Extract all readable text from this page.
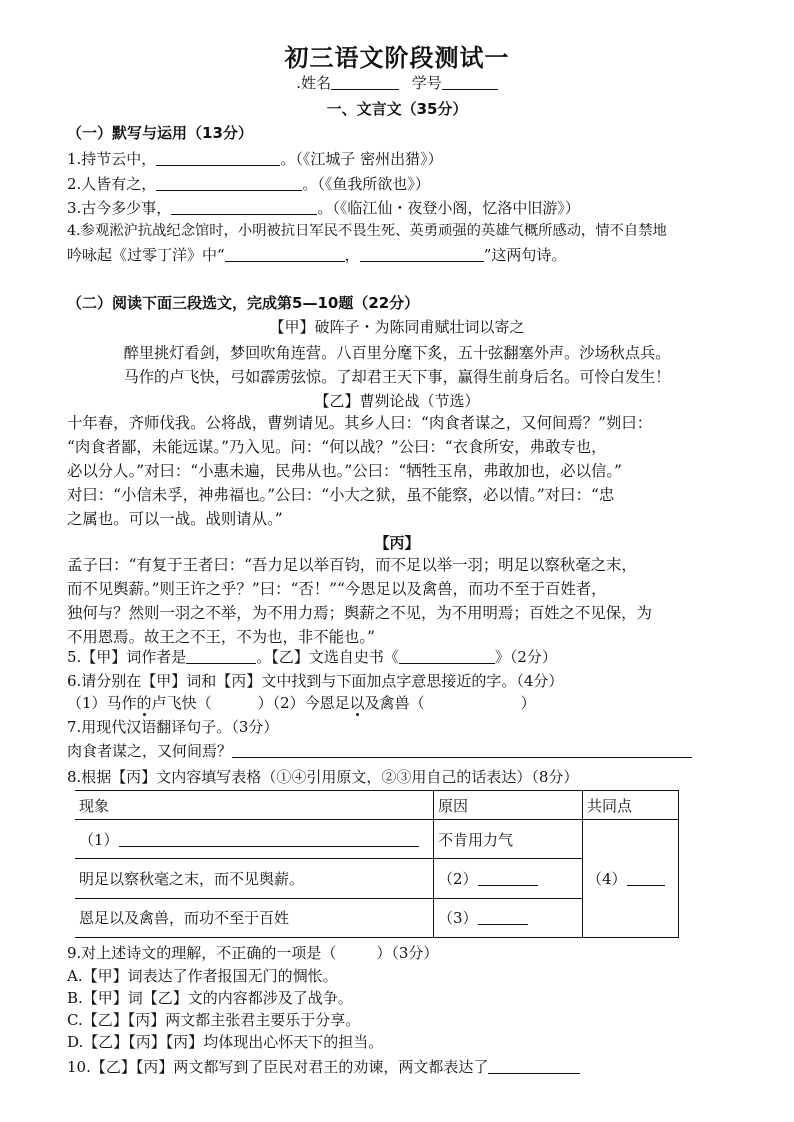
初三语文阶段测试一
.姓名	学号
一、文言文（35分）
（一）默写与运用（13分）
1.持节云中，	。（《江城子 密州出猎》）
2.人皆有之，	。（《鱼我所欲也》）
3.古今多少事，	。（《临江仙・夜登小阁，忆洛中旧游》）
4.参观淞沪抗战纪念馆时，小明被抗日军民不畏生死、英勇顽强的英雄气概所感动，情不自禁地
吟咏起《过零丁洋》中“	，	”这两句诗。
（二）阅读下面三段选文，完成第5—10题（22分）
【甲】破阵子・为陈同甫赋壮词以寄之
醉里挑灯看剑，梦回吹角连营。八百里分麾下炙，五十弦翻塞外声。沙场秋点兵。
马作的卢飞快，弓如霹雳弦惊。了却君王天下事，赢得生前身后名。可怜白发生！
【乙】曹刿论战（节选）
十年春，齐师伐我。公将战，曹刿请见。其乡人曰：“肉食者谋之，又何间焉？”刿曰：
“肉食者鄙，未能远谋。”乃入见。问：“何以战？”公曰：“衣食所安，弗敢专也，
必以分人。”对曰：“小惠未遍，民弗从也。”公曰：“牺牲玉帛，弗敢加也，必以信。”
对曰：“小信未孚，神弗福也。”公曰：“小大之狱，虽不能察，必以情。”对曰：“忠
之属也。可以一战。战则请从。”
【丙】
孟子曰：“有复于王者曰：“吾力足以举百钧，而不足以举一羽；明足以察秋毫之末，
而不见舆薪。”则王许之乎？”曰：“否！”“今恩足以及禽兽，而功不至于百姓者，
独何与？然则一羽之不举，为不用力焉；舆薪之不见，为不用明焉；百姓之不见保，为
不用恩焉。故王之不王，不为也，非不能也。”
5.【甲】词作者是	。【乙】文选自史书《	》（2分）
6.请分别在【甲】词和【丙】文中找到与下面加点字意思接近的字。（4分）
（1）马作的卢飞快（	）（2）今恩足以及禽兽（	）
7.用现代汉语翻译句子。（3分）
肉食者谋之，又何间焉？
8.根据【丙】文内容填写表格（①④引用原文，②③用自己的话表达）（8分）
现象	原因	共同点
（1）	不肯用力气	（4）
明足以察秋毫之末，而不见舆薪。	（2）	
恩足以及禽兽，而功不至于百姓	（3）	
9.对上述诗文的理解，不正确的一项是（	）（3分）
A.【甲】词表达了作者报国无门的惆怅。
B.【甲】词【乙】文的内容都涉及了战争。
C.【乙】【丙】两文都主张君主要乐于分享。
D.【乙】【丙】【丙】均体现出心怀天下的担当。
10.【乙】【丙】两文都写到了臣民对君王的劝谏，两文都表达了
